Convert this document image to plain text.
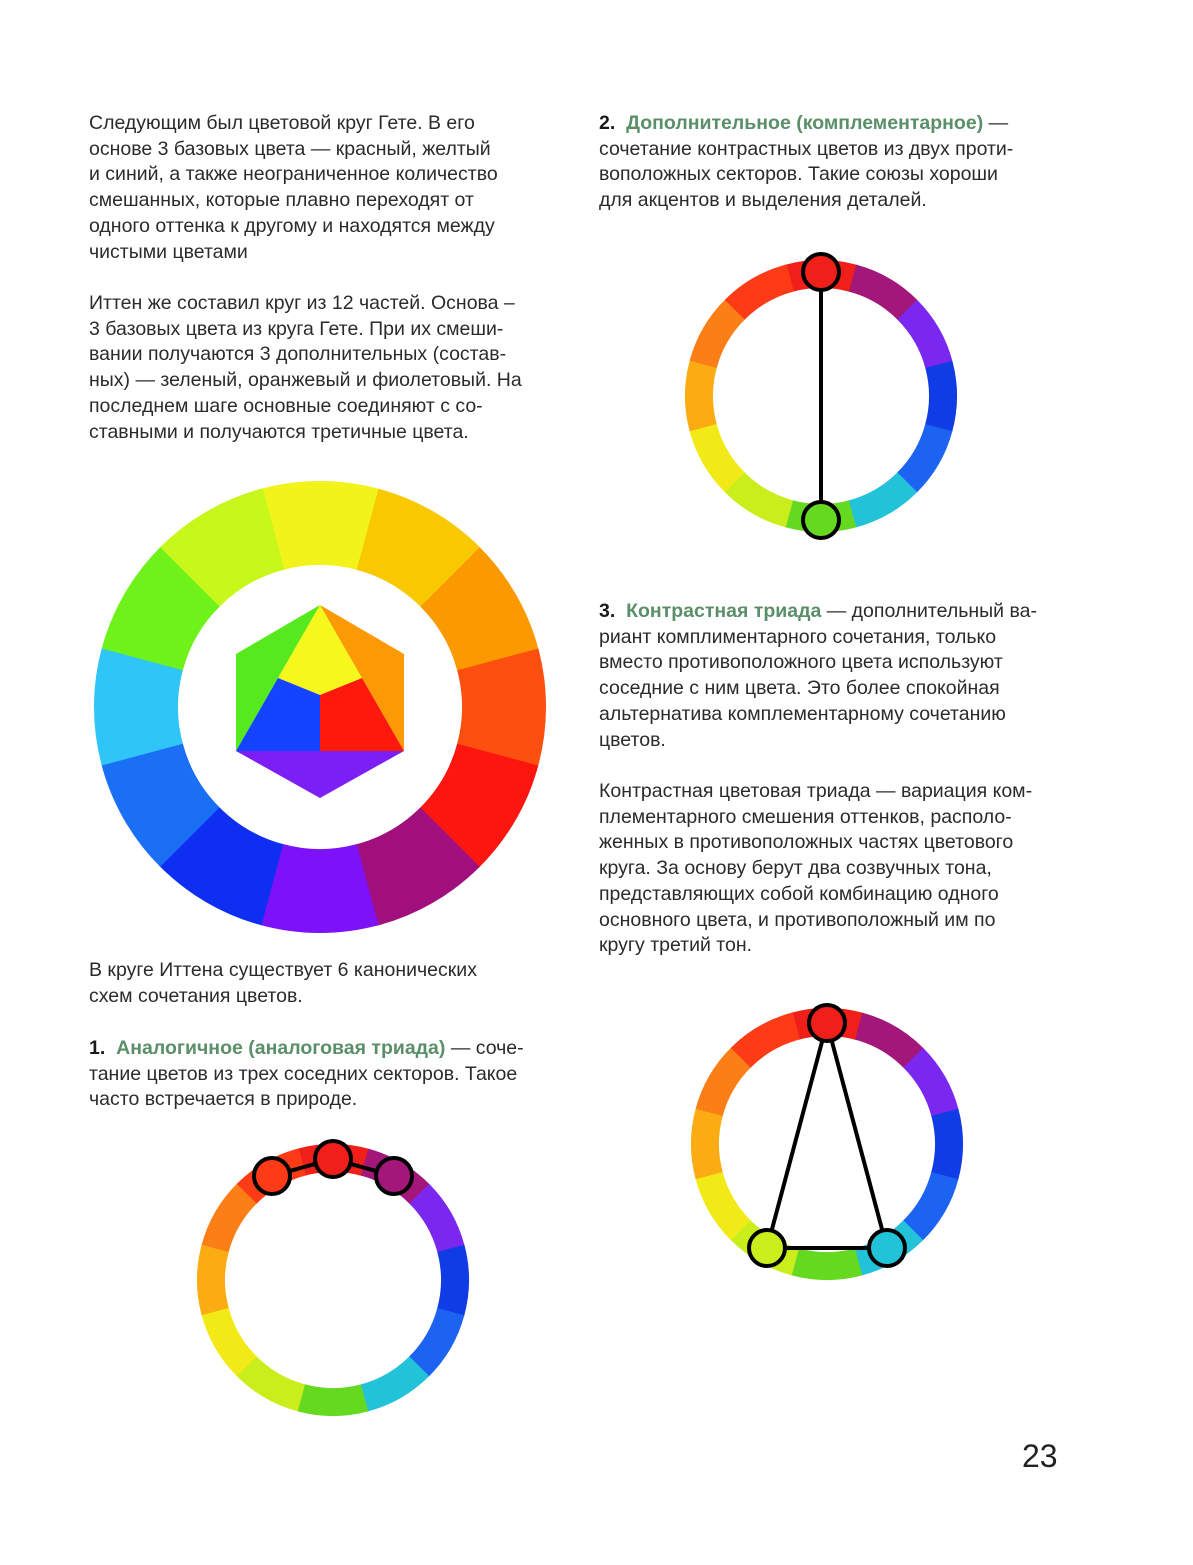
Следующим был цветовой круг Гете. В его
основе 3 базовых цвета — красный, желтый
и синий, а также неограниченное количество
смешанных, которые плавно переходят от
одного оттенка к другому и находятся между
чистыми цветами
Иттен же составил круг из 12 частей. Основа –
3 базовых цвета из круга Гете. При их смеши-
вании получаются 3 дополнительных (состав-
ных) — зеленый, оранжевый и фиолетовый. На
последнем шаге основные соединяют с со-
ставными и получаются третичные цвета.
В круге Иттена существует 6 канонических
схем сочетания цветов.
1. Аналогичное (аналоговая триада) — соче-
тание цветов из трех соседних секторов. Такое
часто встречается в природе.
2. Дополнительное (комплементарное) —
сочетание контрастных цветов из двух проти-
воположных секторов. Такие союзы хороши
для акцентов и выделения деталей.
3. Контрастная триада — дополнительный ва-
риант комплиментарного сочетания, только
вместо противоположного цвета используют
соседние с ним цвета. Это более спокойная
альтернатива комплементарному сочетанию
цветов.
Контрастная цветовая триада — вариация ком-
плементарного смешения оттенков, располо-
женных в противоположных частях цветового
круга. За основу берут два созвучных тона,
представляющих собой комбинацию одного
основного цвета, и противоположный им по
кругу третий тон.
23
